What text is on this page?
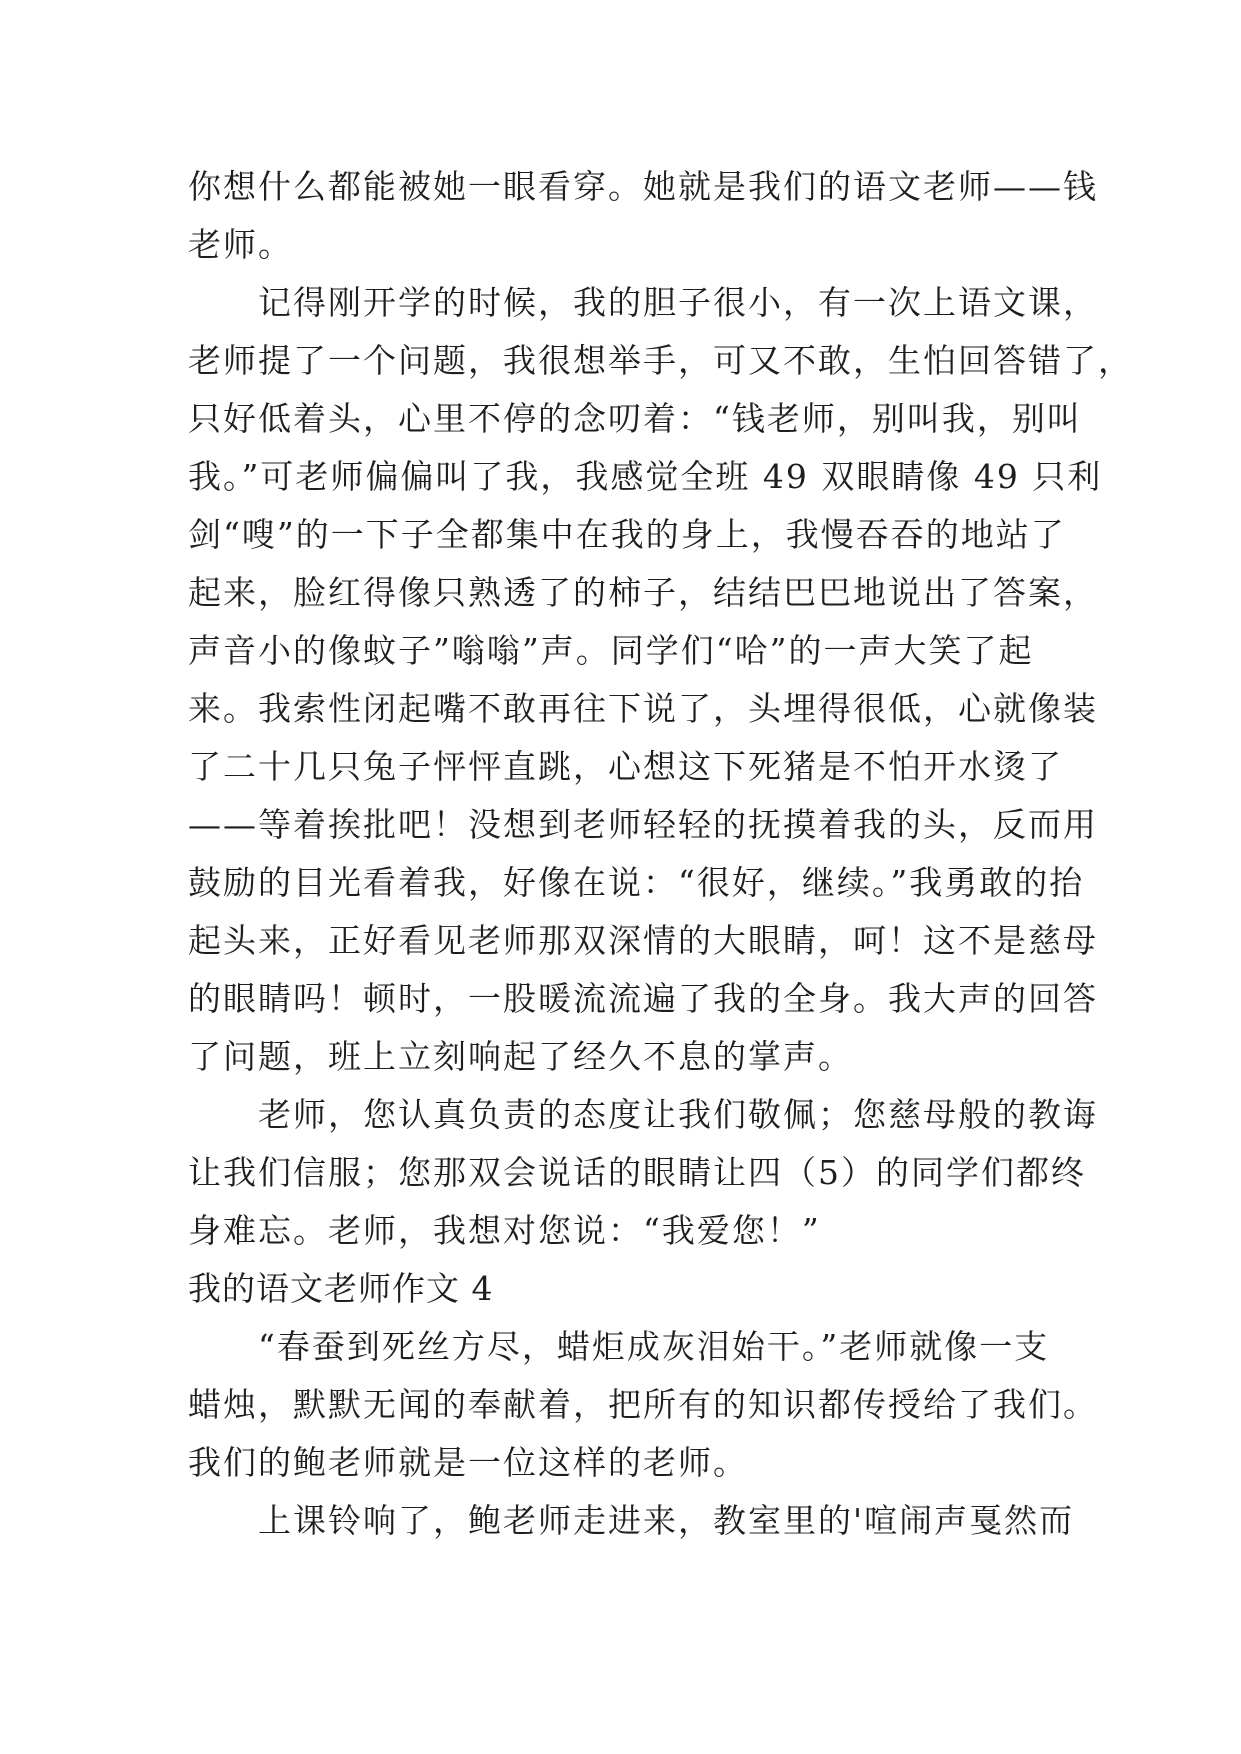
你想什么都能被她一眼看穿。她就是我们的语文老师——钱
老师。
记得刚开学的时候，我的胆子很小，有一次上语文课，
老师提了一个问题，我很想举手，可又不敢，生怕回答错了，
只好低着头，心里不停的念叨着：“钱老师，别叫我，别叫
我。”可老师偏偏叫了我，我感觉全班 49 双眼睛像 49 只利
剑“嗖”的一下子全都集中在我的身上，我慢吞吞的地站了
起来，脸红得像只熟透了的柿子，结结巴巴地说出了答案，
声音小的像蚊子”嗡嗡”声。同学们“哈”的一声大笑了起
来。我索性闭起嘴不敢再往下说了，头埋得很低，心就像装
了二十几只兔子怦怦直跳，心想这下死猪是不怕开水烫了
——等着挨批吧！没想到老师轻轻的抚摸着我的头，反而用
鼓励的目光看着我，好像在说：“很好，继续。”我勇敢的抬
起头来，正好看见老师那双深情的大眼睛，呵！这不是慈母
的眼睛吗！顿时，一股暖流流遍了我的全身。我大声的回答
了问题，班上立刻响起了经久不息的掌声。
老师，您认真负责的态度让我们敬佩；您慈母般的教诲
让我们信服；您那双会说话的眼睛让四（5）的同学们都终
身难忘。老师，我想对您说：“我爱您！”
我的语文老师作文 4
“春蚕到死丝方尽，蜡炬成灰泪始干。”老师就像一支
蜡烛，默默无闻的奉献着，把所有的知识都传授给了我们。
我们的鲍老师就是一位这样的老师。
上课铃响了，鲍老师走进来，教室里的'喧闹声戛然而
